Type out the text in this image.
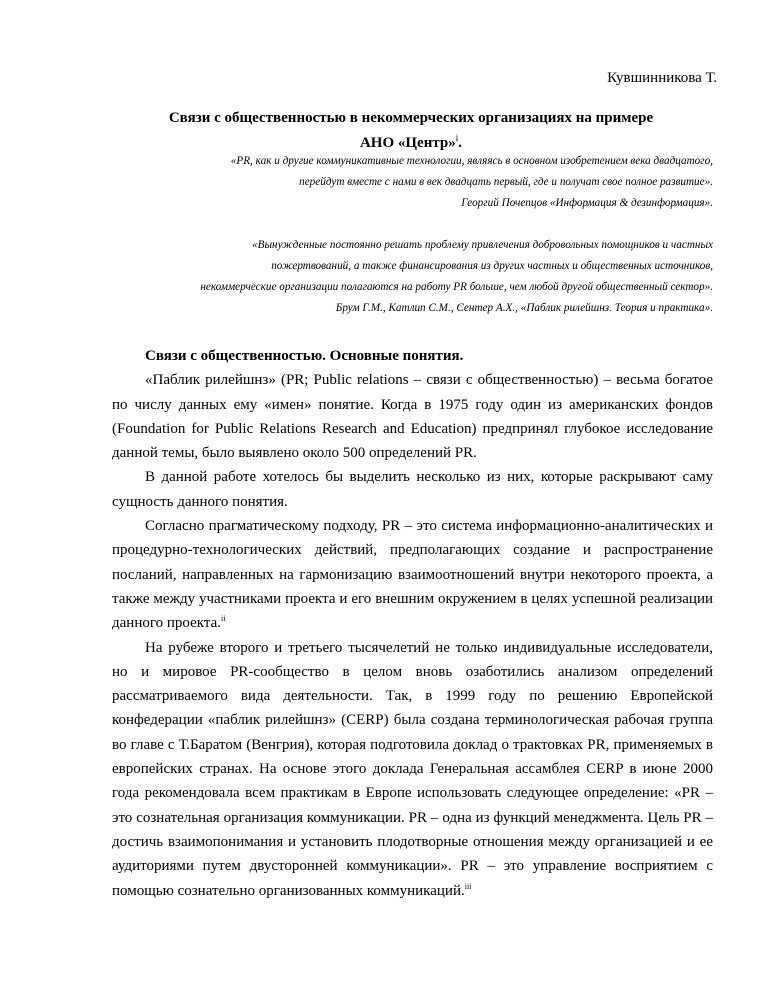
Кувшинникова Т.
Связи с общественностью в некоммерческих организациях на примере
АНО «Центр»$^i$.
«PR, как и другие коммуникативные технологии, являясь в основном изобретением века двадцатого,
перейдут вместе с нами в век двадцать первый, где и получат свое полное развитие».
Георгий Почепцов «Информация & дезинформация».
«Вынужденные постоянно решать проблему привлечения добровольных помощников и частных
пожертвований, а также финансирования из других частных и общественных источников,
некоммерческие организации полагаются на работу PR больше, чем любой другой общественный сектор».
Брум Г.М., Катлип С.М., Сентер А.Х., «Паблик рилейшнз. Теория и практика».

Связи с общественностью. Основные понятия.

«Паблик рилейшнз» (PR; Public relations – связи с общественностью) – весьма богатое по числу данных ему «имен» понятие. Когда в 1975 году один из американских фондов (Foundation for Public Relations Research and Education) предпринял глубокое исследование данной темы, было выявлено около 500 определений PR.

В данной работе хотелось бы выделить несколько из них, которые раскрывают саму сущность данного понятия.

Согласно прагматическому подходу, PR – это система информационно-аналитических и процедурно-технологических действий, предполагающих создание и распространение посланий, направленных на гармонизацию взаимоотношений внутри некоторого проекта, а также между участниками проекта и его внешним окружением в целях успешной реализации данного проекта.$^{ii}$

На рубеже второго и третьего тысячелетий не только индивидуальные исследователи, но и мировое PR-сообщество в целом вновь озаботились анализом определений рассматриваемого вида деятельности. Так, в 1999 году по решению Европейской конфедерации «паблик рилейшнз» (CERP) была создана терминологическая рабочая группа во главе с Т.Баратом (Венгрия), которая подготовила доклад о трактовках PR, применяемых в европейских странах. На основе этого доклада Генеральная ассамблея CERP в июне 2000 года рекомендовала всем практикам в Европе использовать следующее определение: «PR – это сознательная организация коммуникации. PR – одна из функций менеджмента. Цель PR – достичь взаимопонимания и установить плодотворные отношения между организацией и ее аудиториями путем двусторонней коммуникации». PR – это управление восприятием с помощью сознательно организованных коммуникаций.$^{iii}$
